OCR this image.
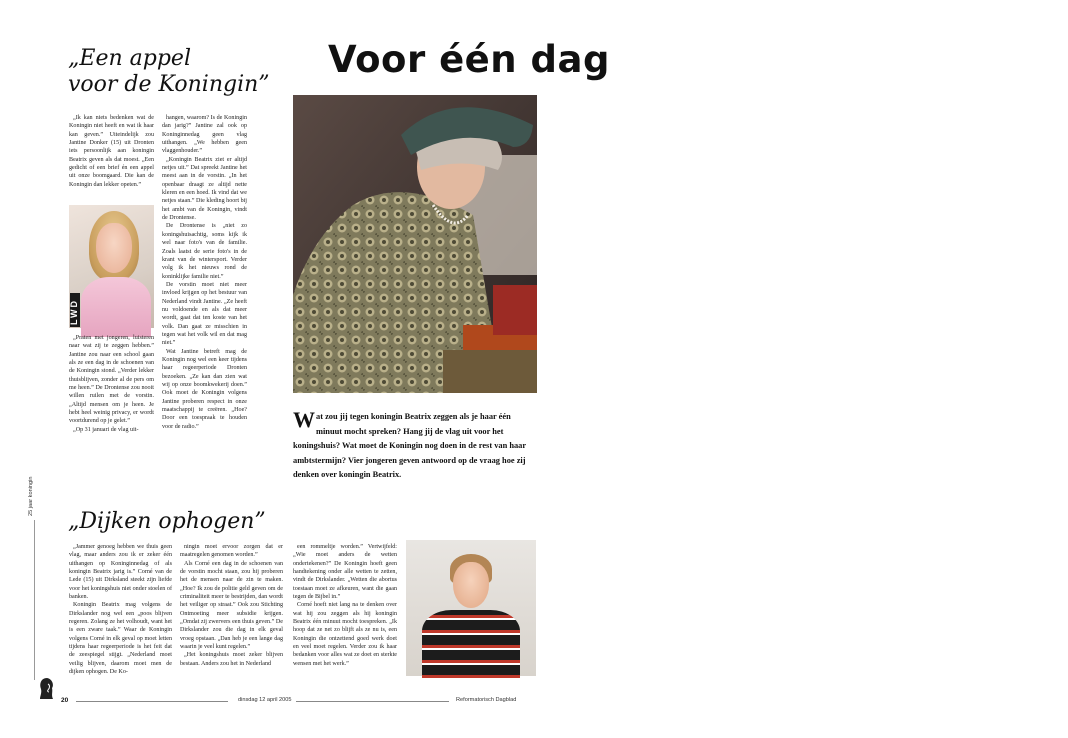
25 jaar koningin
Voor één dag
„Een appel
voor de Koningin”

„Ik kan niets bedenken wat de Koningin niet heeft en wat ik haar kan geven.” Uiteindelijk zou Jantine Donker (15) uit Dronten iets persoonlijk aan koningin Beatrix geven als dat moest. „Een gedicht of een brief én een appel uit onze boomgaard. Die kan de Koningin dan lekker opeten.”

LWD

„Praten met jongeren, luisteren naar wat zij te zeggen hebben.” Jantine zou naar een school gaan als ze een dag in de schoenen van de Koningin stond. „Verder lekker thuisblijven, zonder al de pers om me heen.” De Drontense zou nooit willen ruilen met de vorstin. „Altijd mensen om je heen. Je hebt heel weinig privacy, er wordt voortdurend op je gelet.”

„Op 31 januari de vlag uit-

hangen, waarom? Is de Koningin dan jarig?” Jantine zal ook op Koninginnedag geen vlag uithangen. „We hebben geen vlaggenhouder.”

„Koningin Beatrix ziet er altijd netjes uit.” Dat spreekt Jantine het meest aan in de vorstin. „In het openbaar draagt ze altijd nette kleren en een hoed. Ik vind dat we netjes staan.” Die kleding hoort bij het ambt van de Koningin, vindt de Drontense.

De Drontense is „niet zo koningshuisachtig, soms kijk ik wel naar foto's van de familie. Zoals laatst de serie foto's in de krant van de wintersport. Verder volg ik het nieuws rond de koninklijke familie niet.”

De vorstin moet niet meer invloed krijgen op het bestuur van Nederland vindt Jantine. „Ze heeft nu voldoende en als dat meer wordt, gaat dat ten koste van het volk. Dan gaat ze misschien in tegen wat het volk wil en dat mag niet.”

Wat Jantine betreft mag de Koningin nog wel een keer tijdens haar regeerperiode Dronten bezoeken. „Ze kan dan zien wat wij op onze boomkwekerij doen.” Ook moet de Koningin volgens Jantine proberen respect in onze maatschappij te creëren. „Hoe? Door een toespraak te houden voor de radio.”	W at zou jij tegen koningin Beatrix zeggen als je haar één minuut mocht spreken? Hang jij de vlag uit voor het koningshuis? Wat moet de Koningin nog doen in de rest van haar ambtstermijn? Vier jongeren geven antwoord op de vraag hoe zij denken over koningin Beatrix.
„Dijken ophogen”

„Jammer genoeg hebben we thuis geen vlag, maar anders zou ik er zeker één uithangen op Koninginnedag of als koningin Beatrix jarig is.” Corné van de Lede (15) uit Dirksland steekt zijn liefde voor het koningshuis niet onder stoelen of banken.

Koningin Beatrix mag volgens de Dirkslander nog wel een „poos blijven regeren. Zolang ze het volhoudt, want het is een zware taak.” Waar de Koningin volgens Corné in elk geval op moet letten tijdens haar regeerperiode is het feit dat de zeespiegel stijgt. „Nederland moet veilig blijven, daarom moet men de dijken ophogen. De Ko-

ningin moet ervoor zorgen dat er maatregelen genomen worden.”

Als Corné een dag in de schoenen van de vorstin mocht staan, zou hij proberen het de mensen naar de zin te maken. „Hoe? Ik zou de politie geld geven om de criminaliteit meer te bestrijden, dan wordt het veiliger op straat.” Ook zou Stichting Ontmoeting meer subsidie krijgen. „Omdat zij zwervers een thuis geven.” De Dirkslander zou die dag in elk geval vroeg opstaan. „Dan heb je een lange dag waarin je veel kunt regelen.”

„Het koningshuis moet zeker blijven bestaan. Anders zou het in Nederland

een rommeltje worden.” Vertwijfeld: „Wie moet anders de wetten ondertekenen?” De Koningin hoeft geen handtekening onder alle wetten te zetten, vindt de Dirkslander. „Wetten die abortus toestaan moet ze afkeuren, want die gaan tegen de Bijbel in.”

Corné hoeft niet lang na te denken over wat hij zou zeggen als hij koningin Beatrix één minuut mocht toespreken. „Ik hoop dat ze net zo blijft als ze nu is, een Koningin die ontzettend goed werk doet en veel moet regelen. Verder zou ik haar bedanken voor alles wat ze doet en sterkte wensen met het werk.”

20	dinsdag 12 april 2005	Reformatorisch Dagblad
